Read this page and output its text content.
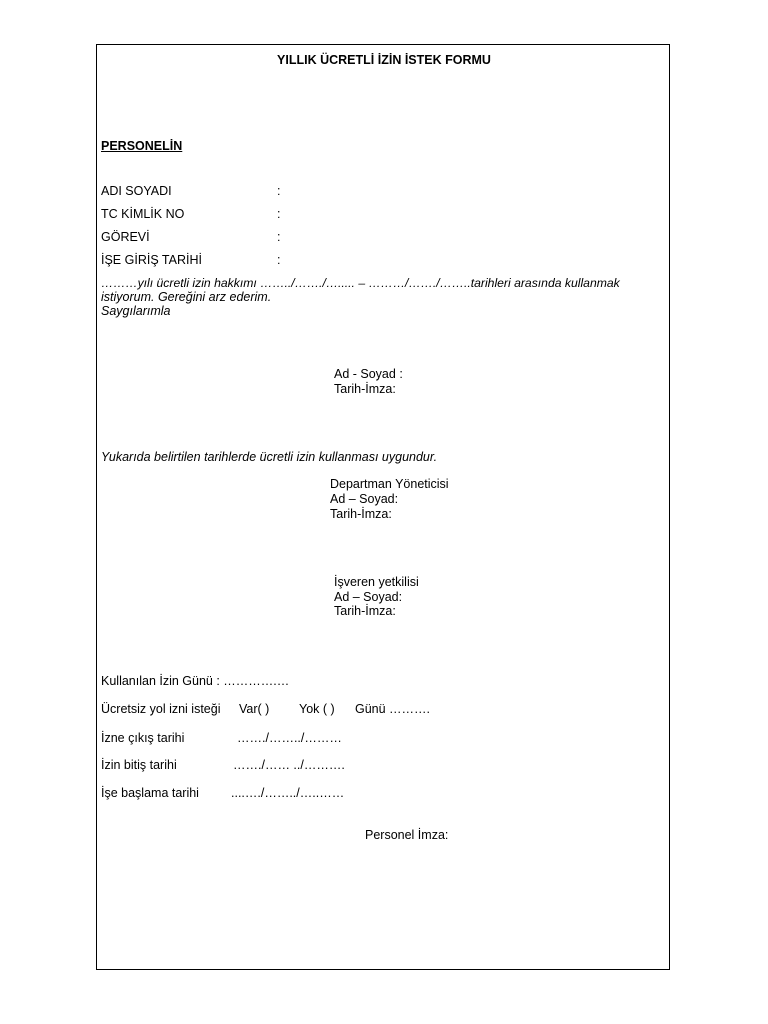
YILLIK ÜCRETLİ İZİN İSTEK FORMU
PERSONELİN
ADI SOYADI	:
TC KİMLİK NO	:
GÖREVİ	:
İŞE GİRİŞ TARİHİ	:
………yılı ücretli izin hakkımı ……../……./…..... – ………/……./……..tarihleri arasında kullanmak
istiyorum. Gereğini arz ederim.
Saygılarımla
Ad - Soyad :
Tarih-İmza:
Yukarıda belirtilen tarihlerde ücretli izin kullanması uygundur.
Departman Yöneticisi
Ad – Soyad:
Tarih-İmza:
İşveren yetkilisi
Ad – Soyad:
Tarih-İmza:
Kullanılan İzin Günü : ………….…
Ücretsiz yol izni isteği Var( ) Yok ( ) Günü ……….
İzne çıkış tarihi	……./……../………
İzin bitiş tarihi	……./…… ../……….
İşe başlama tarihi	....…./……../…..……
Personel İmza:
